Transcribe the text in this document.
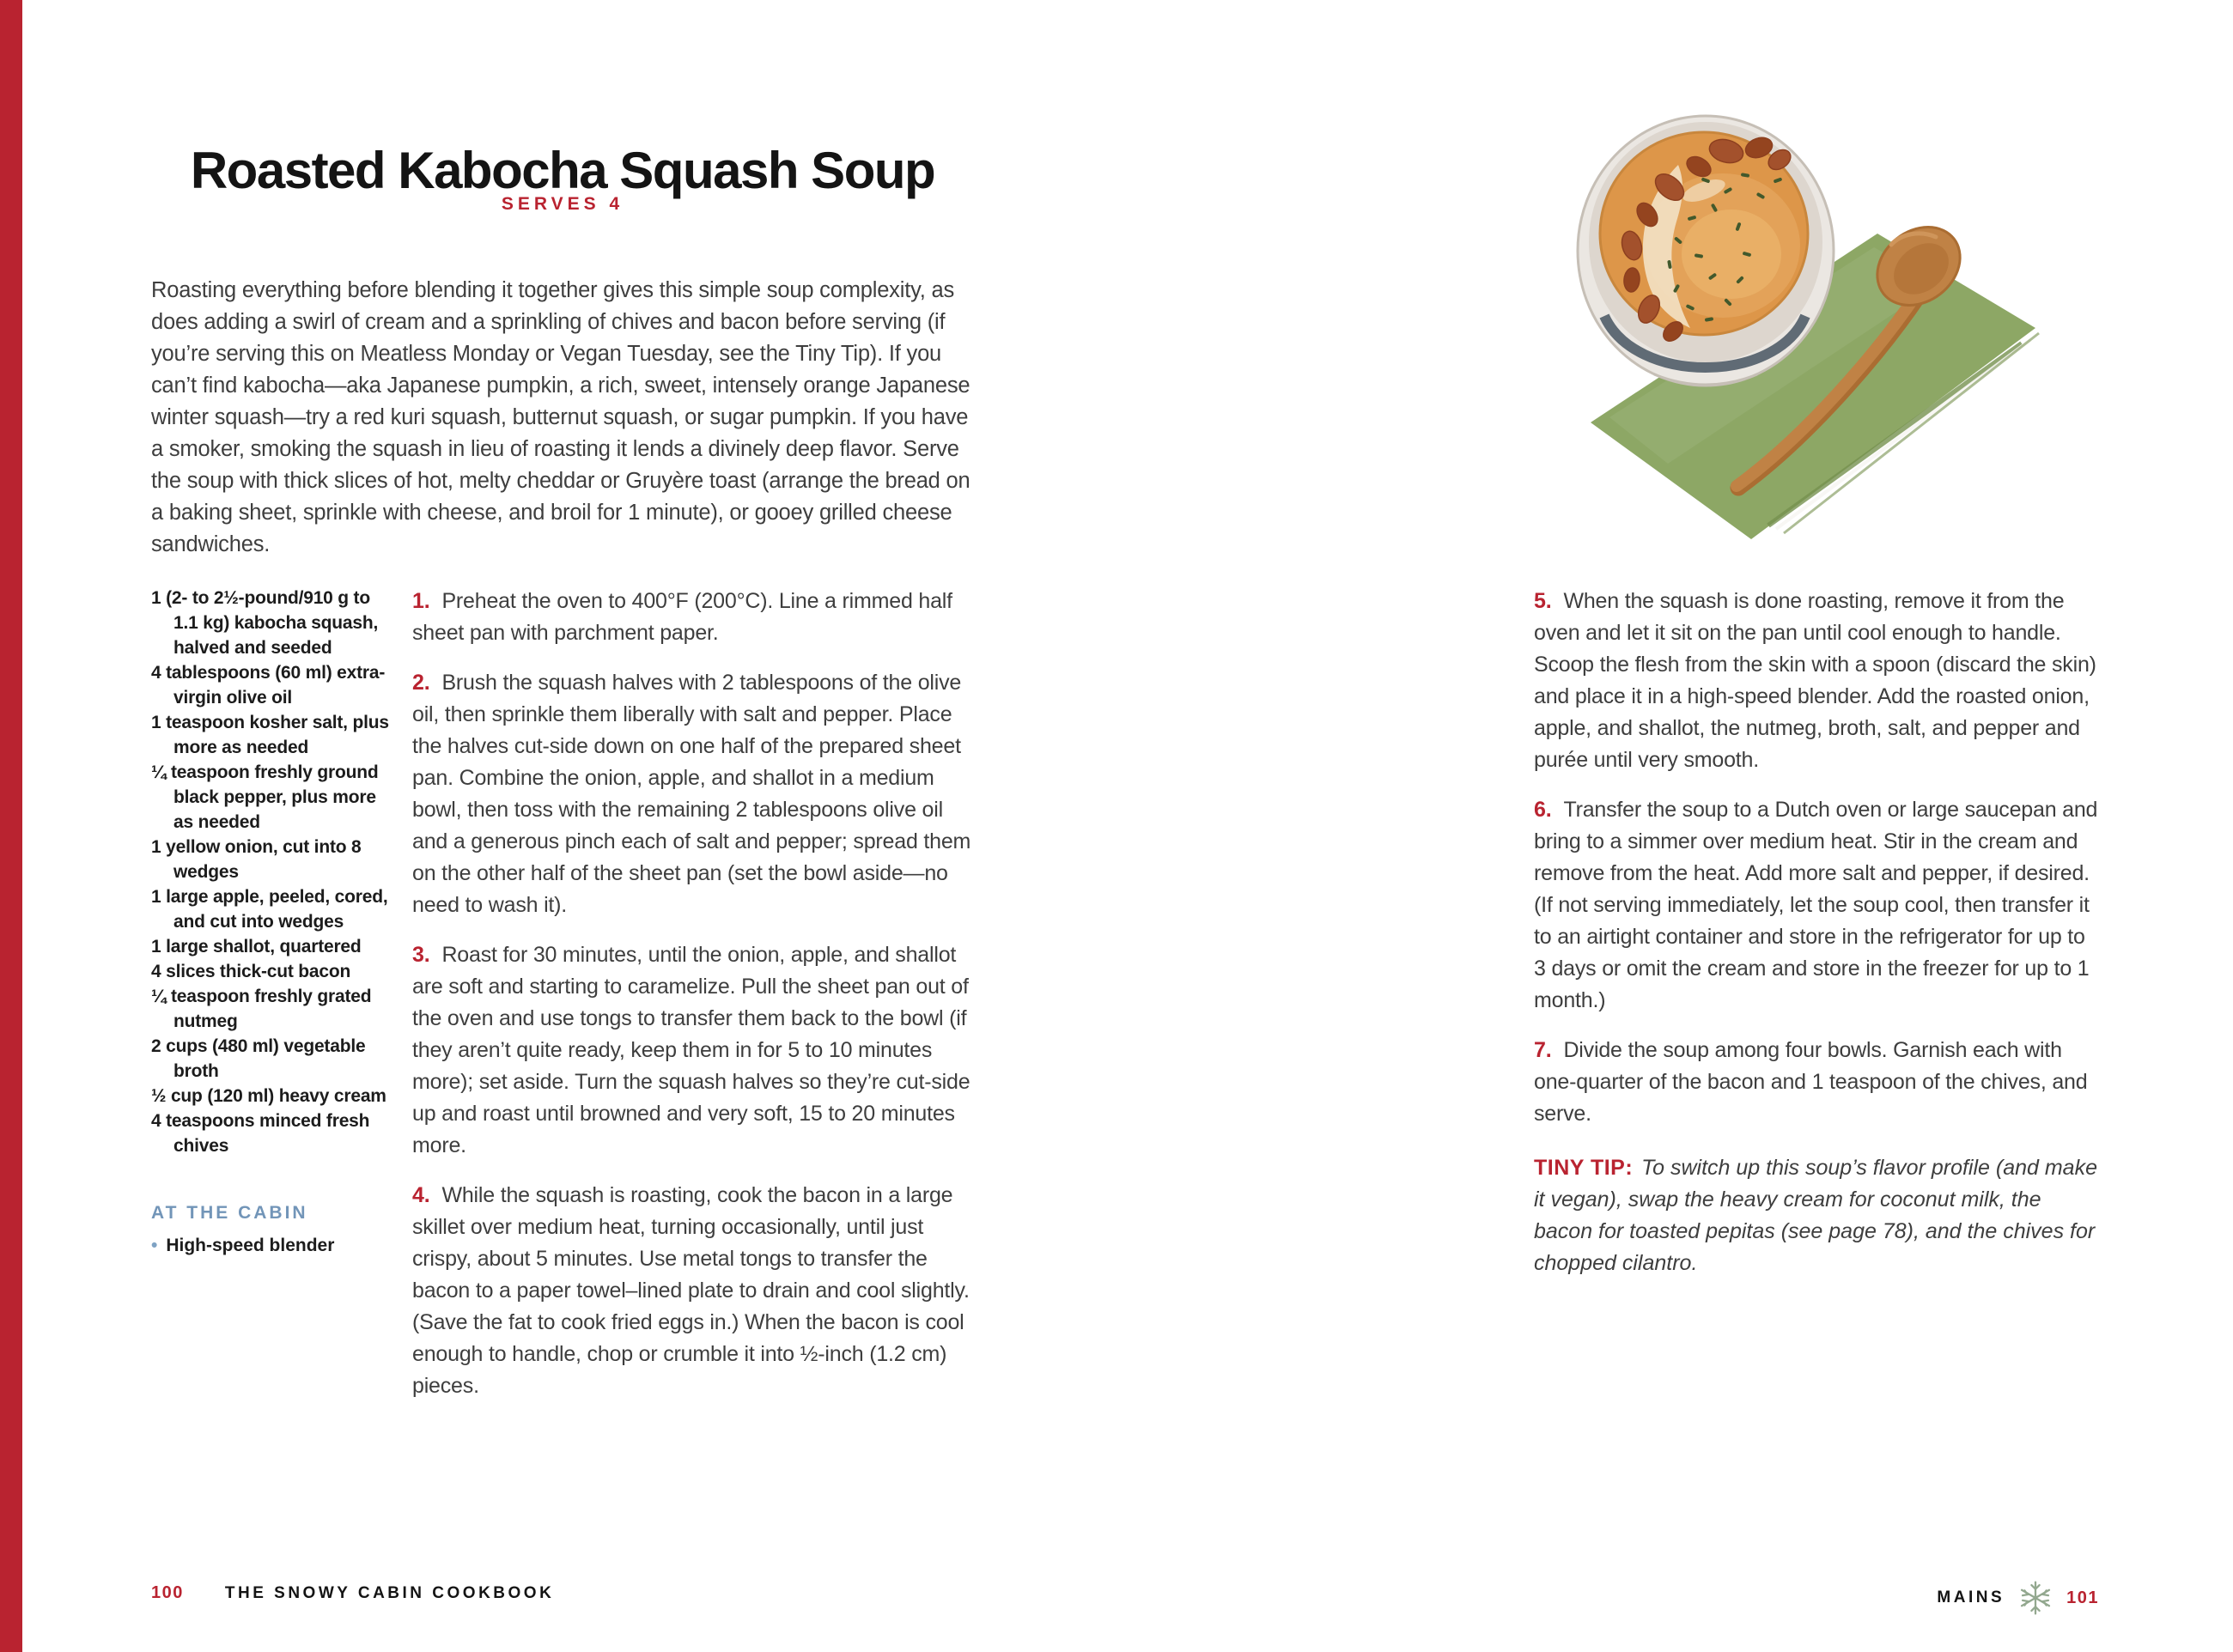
Roasted Kabocha Squash Soup
SERVES 4

Roasting everything before blending it together gives this simple soup complexity, as does adding a swirl of cream and a sprinkling of chives and bacon before serving (if you’re serving this on Meatless Monday or Vegan Tuesday, see the Tiny Tip). If you can’t find kabocha—aka Japanese pumpkin, a rich, sweet, intensely orange Japanese winter squash—try a red kuri squash, butternut squash, or sugar pumpkin. If you have a smoker, smoking the squash in lieu of roasting it lends a divinely deep flavor. Serve the soup with thick slices of hot, melty cheddar or Gruyère toast (arrange the bread on a baking sheet, sprinkle with cheese, and broil for 1 minute), or gooey grilled cheese sandwiches.

1 (2- to 2½-pound/910 g to 1.1 kg) kabocha squash, halved and seeded
4 tablespoons (60 ml) extra-virgin olive oil
1 teaspoon kosher salt, plus more as needed
¼ teaspoon freshly ground black pepper, plus more as needed
1 yellow onion, cut into 8 wedges
1 large apple, peeled, cored, and cut into wedges
1 large shallot, quartered
4 slices thick-cut bacon
¼ teaspoon freshly grated nutmeg
2 cups (480 ml) vegetable broth
½ cup (120 ml) heavy cream
4 teaspoons minced fresh chives
AT THE CABIN
• High-speed blender
1. Preheat the oven to 400°F (200°C). Line a rimmed half sheet pan with parchment paper.
2. Brush the squash halves with 2 tablespoons of the olive oil, then sprinkle them liberally with salt and pepper. Place the halves cut-side down on one half of the prepared sheet pan. Combine the onion, apple, and shallot in a medium bowl, then toss with the remaining 2 tablespoons olive oil and a generous pinch each of salt and pepper; spread them on the other half of the sheet pan (set the bowl aside—no need to wash it).
3. Roast for 30 minutes, until the onion, apple, and shallot are soft and starting to caramelize. Pull the sheet pan out of the oven and use tongs to transfer them back to the bowl (if they aren’t quite ready, keep them in for 5 to 10 minutes more); set aside. Turn the squash halves so they’re cut-side up and roast until browned and very soft, 15 to 20 minutes more.
4. While the squash is roasting, cook the bacon in a large skillet over medium heat, turning occasionally, until just crispy, about 5 minutes. Use metal tongs to transfer the bacon to a paper towel–lined plate to drain and cool slightly. (Save the fat to cook fried eggs in.) When the bacon is cool enough to handle, chop or crumble it into ½-inch (1.2 cm) pieces.
5. When the squash is done roasting, remove it from the oven and let it sit on the pan until cool enough to handle. Scoop the flesh from the skin with a spoon (discard the skin) and place it in a high-speed blender. Add the roasted onion, apple, and shallot, the nutmeg, broth, salt, and pepper and purée until very smooth.
6. Transfer the soup to a Dutch oven or large saucepan and bring to a simmer over medium heat. Stir in the cream and remove from the heat. Add more salt and pepper, if desired. (If not serving immediately, let the soup cool, then transfer it to an airtight container and store in the refrigerator for up to 3 days or omit the cream and store in the freezer for up to 1 month.)
7. Divide the soup among four bowls. Garnish each with one-quarter of the bacon and 1 teaspoon of the chives, and serve.
TINY TIP: To switch up this soup’s flavor profile (and make it vegan), swap the heavy cream for coconut milk, the bacon for toasted pepitas (see page 78), and the chives for chopped cilantro.
100	THE SNOWY CABIN COOKBOOK	MAINS	101
